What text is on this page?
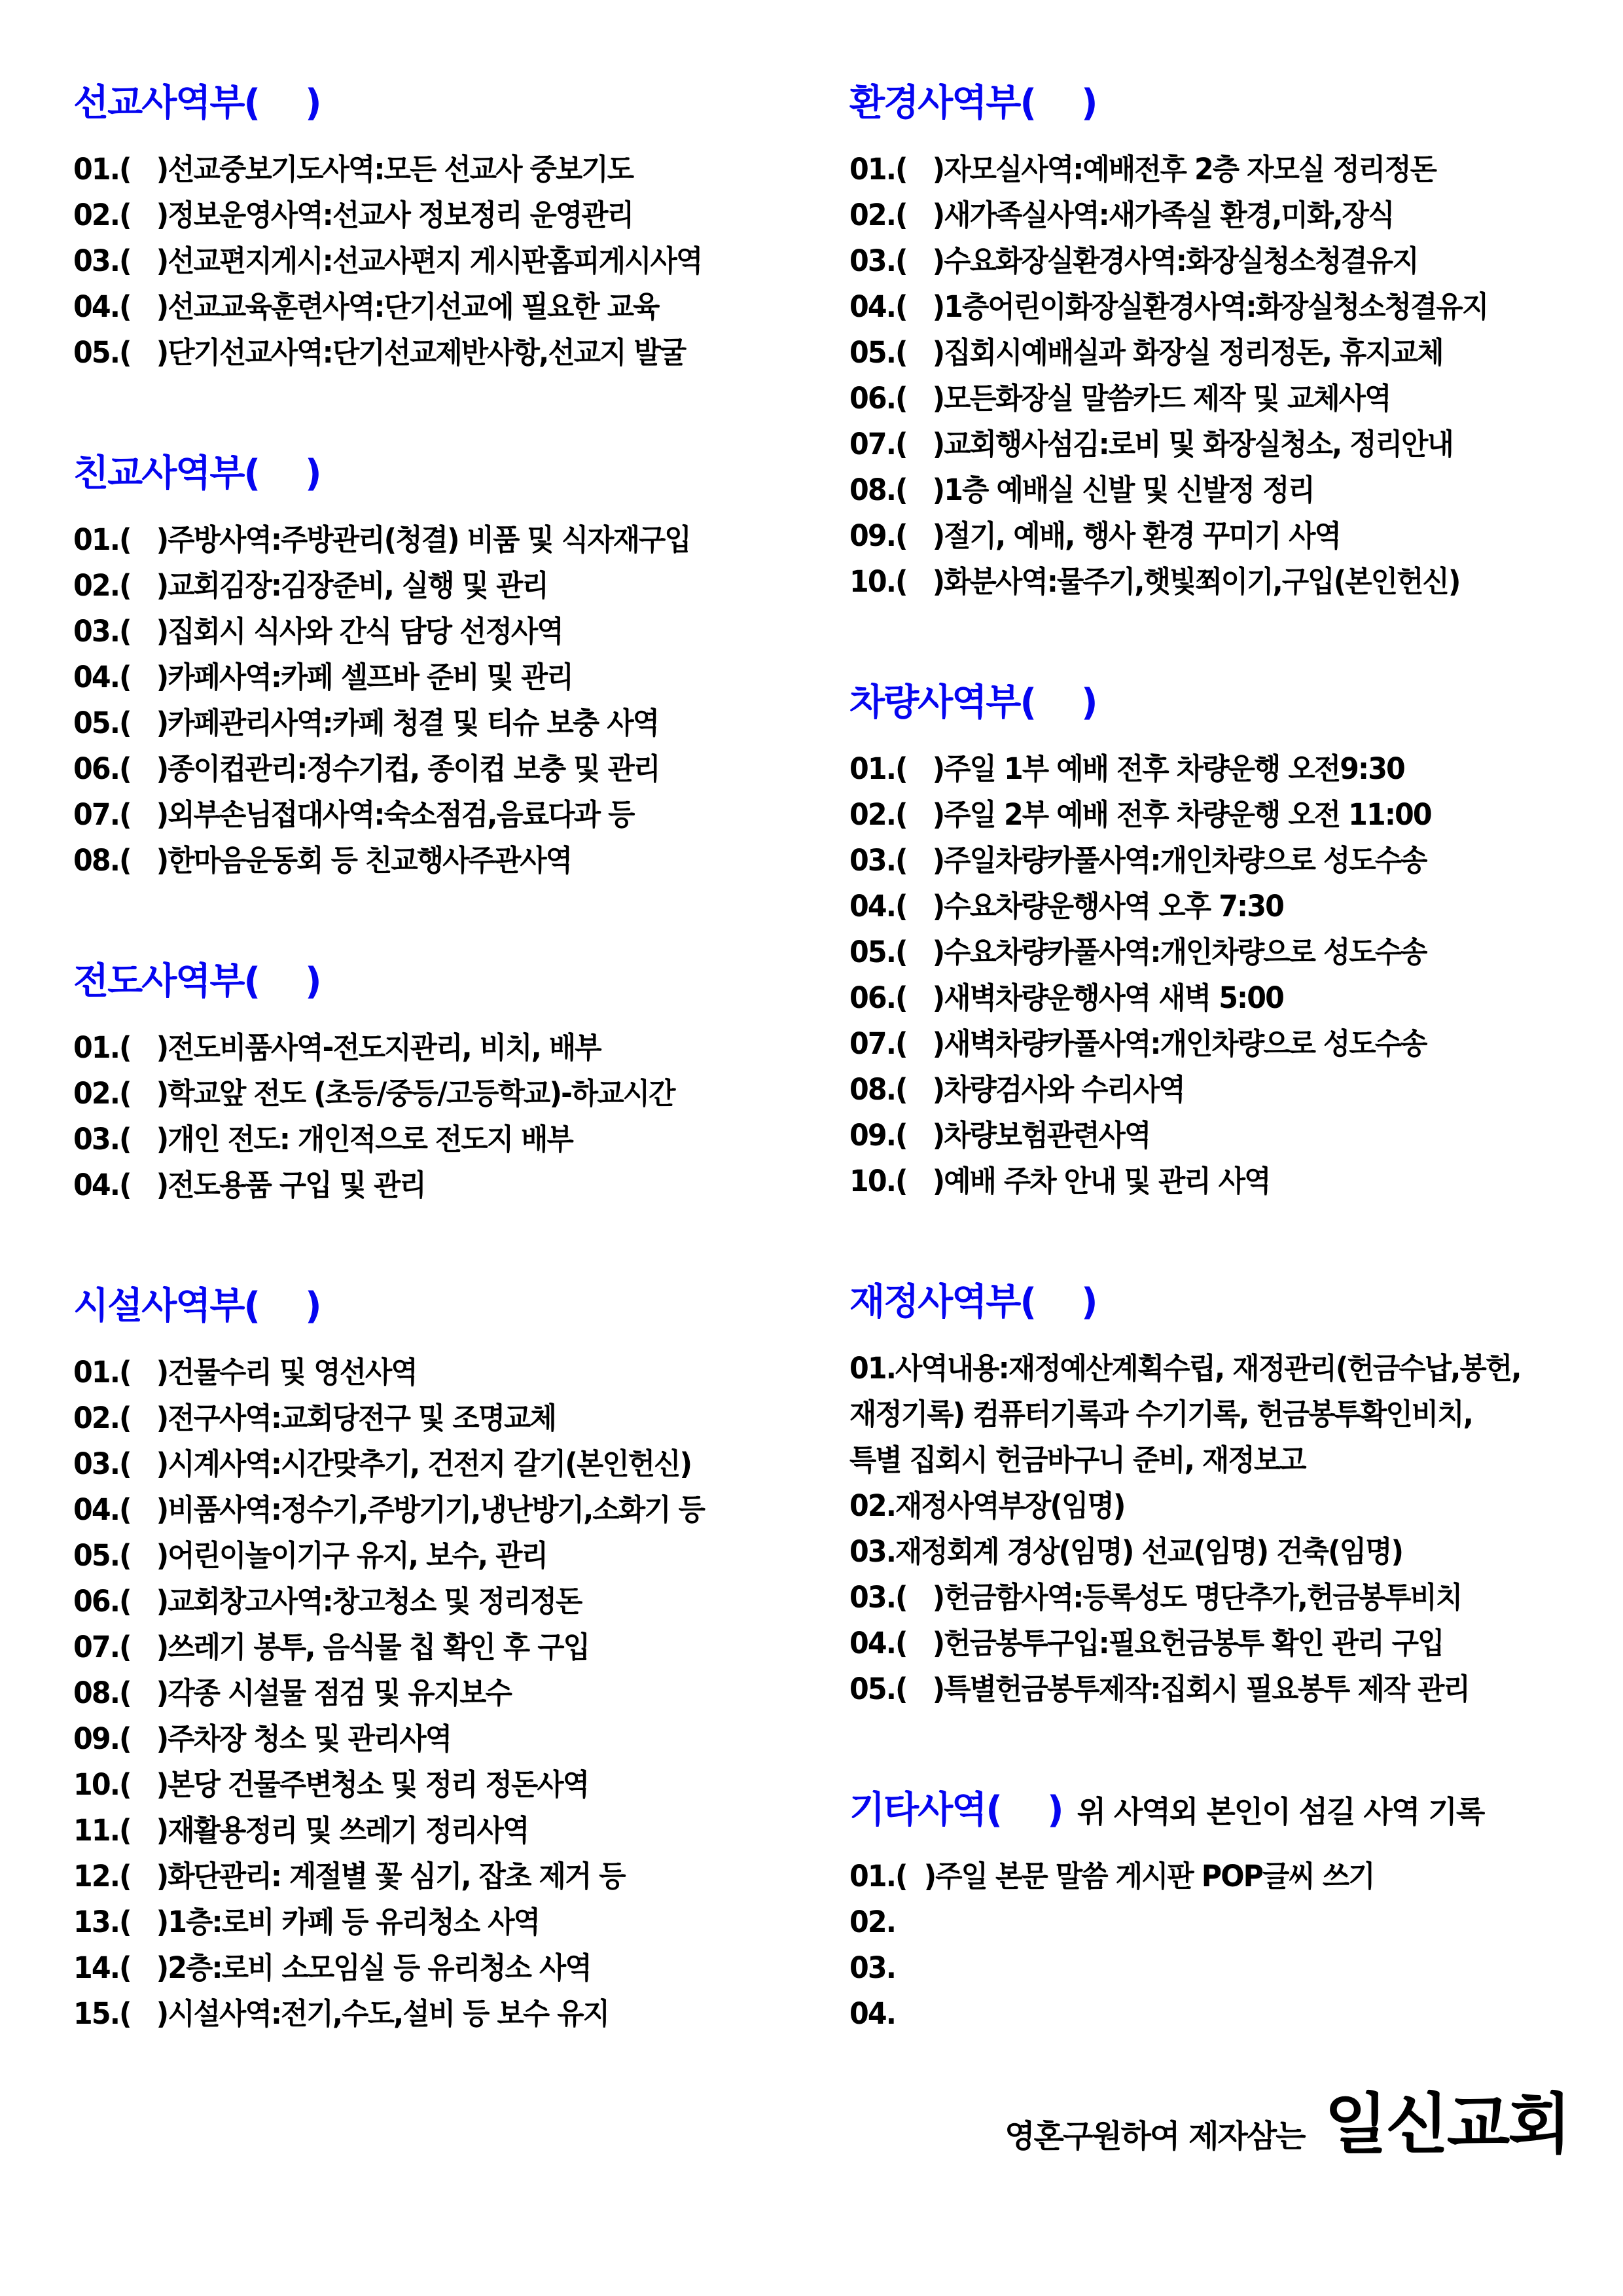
선교사역부(    )
01.(   )선교중보기도사역:모든 선교사 중보기도
02.(   )정보운영사역:선교사 정보정리 운영관리
03.(   )선교편지게시:선교사편지 게시판홈피게시사역
04.(   )선교교육훈련사역:단기선교에 필요한 교육
05.(   )단기선교사역:단기선교제반사항,선교지 발굴
친교사역부(    )
01.(   )주방사역:주방관리(청결) 비품 및 식자재구입
02.(   )교회김장:김장준비, 실행 및 관리
03.(   )집회시 식사와 간식 담당 선정사역
04.(   )카페사역:카페 셀프바 준비 및 관리
05.(   )카페관리사역:카페 청결 및 티슈 보충 사역
06.(   )종이컵관리:정수기컵, 종이컵 보충 및 관리
07.(   )외부손님접대사역:숙소점검,음료다과 등
08.(   )한마음운동회 등 친교행사주관사역
전도사역부(    )
01.(   )전도비품사역-전도지관리, 비치, 배부
02.(   )학교앞 전도 (초등/중등/고등학교)-하교시간
03.(   )개인 전도: 개인적으로 전도지 배부
04.(   )전도용품 구입 및 관리
시설사역부(    )
01.(   )건물수리 및 영선사역
02.(   )전구사역:교회당전구 및 조명교체
03.(   )시계사역:시간맞추기, 건전지 갈기(본인헌신)
04.(   )비품사역:정수기,주방기기,냉난방기,소화기 등
05.(   )어린이놀이기구 유지, 보수, 관리
06.(   )교회창고사역:창고청소 및 정리정돈
07.(   )쓰레기 봉투, 음식물 칩 확인 후 구입
08.(   )각종 시설물 점검 및 유지보수
09.(   )주차장 청소 및 관리사역
10.(   )본당 건물주변청소 및 정리 정돈사역
11.(   )재활용정리 및 쓰레기 정리사역
12.(   )화단관리: 계절별 꽃 심기, 잡초 제거 등
13.(   )1층:로비 카페 등 유리청소 사역
14.(   )2층:로비 소모임실 등 유리청소 사역
15.(   )시설사역:전기,수도,설비 등 보수 유지
환경사역부(    )
01.(   )자모실사역:예배전후 2층 자모실 정리정돈
02.(   )새가족실사역:새가족실 환경,미화,장식
03.(   )수요화장실환경사역:화장실청소청결유지
04.(   )1층어린이화장실환경사역:화장실청소청결유지
05.(   )집회시예배실과 화장실 정리정돈, 휴지교체
06.(   )모든화장실 말씀카드 제작 및 교체사역
07.(   )교회행사섬김:로비 및 화장실청소, 정리안내
08.(   )1층 예배실 신발 및 신발정 정리
09.(   )절기, 예배, 행사 환경 꾸미기 사역
10.(   )화분사역:물주기,햇빛쬐이기,구입(본인헌신)
차량사역부(    )
01.(   )주일 1부 예배 전후 차량운행 오전9:30
02.(   )주일 2부 예배 전후 차량운행 오전 11:00
03.(   )주일차량카풀사역:개인차량으로 성도수송
04.(   )수요차량운행사역 오후 7:30
05.(   )수요차량카풀사역:개인차량으로 성도수송
06.(   )새벽차량운행사역 새벽 5:00
07.(   )새벽차량카풀사역:개인차량으로 성도수송
08.(   )차량검사와 수리사역
09.(   )차량보험관련사역
10.(   )예배 주차 안내 및 관리 사역
재정사역부(    )
01.사역내용:재정예산계획수립, 재정관리(헌금수납,봉헌,
재정기록) 컴퓨터기록과 수기기록, 헌금봉투확인비치,
특별 집회시 헌금바구니 준비, 재정보고
02.재정사역부장(임명)
03.재정회계 경상(임명) 선교(임명) 건축(임명)
03.(   )헌금함사역:등록성도 명단추가,헌금봉투비치
04.(   )헌금봉투구입:필요헌금봉투 확인 관리 구입
05.(   )특별헌금봉투제작:집회시 필요봉투 제작 관리
기타사역(    ) 위 사역외 본인이 섬길 사역 기록
01.(  )주일 본문 말씀 게시판 POP글씨 쓰기
02.
03.
04.
영혼구원하여 제자삼는 일신교회
